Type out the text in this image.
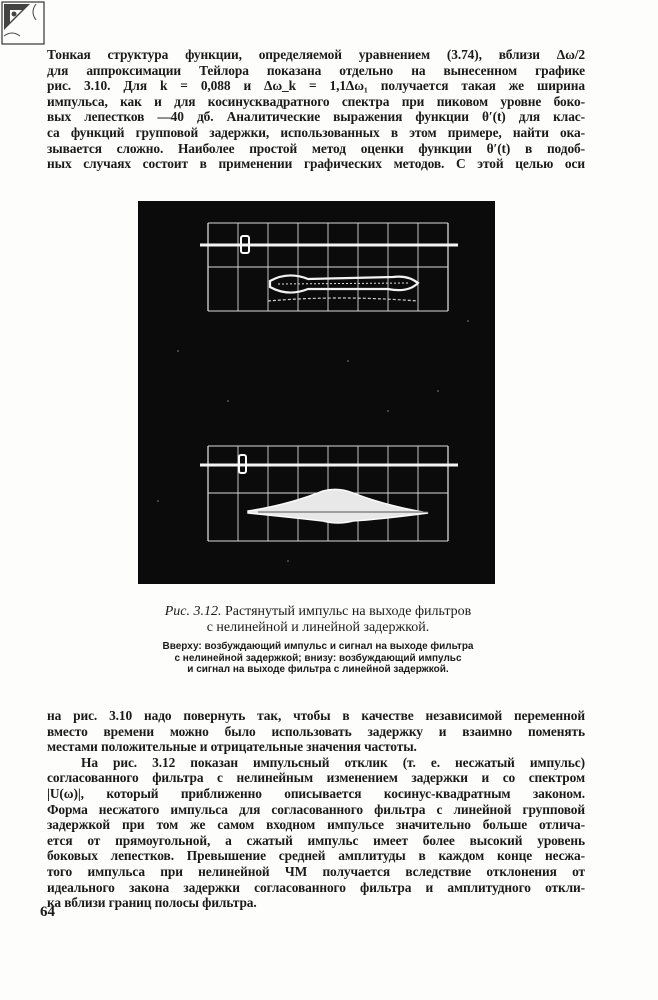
Тонкая структура функции, определяемой уравнением (3.74), вблизи Δω/2
для аппроксимации Тейлора показана отдельно на вынесенном графике
рис. 3.10. Для k = 0,088 и Δω_k = 1,1Δω₁ получается такая же ширина
импульса, как и для косинусквадратного спектра при пиковом уровне боко-
вых лепестков —40 дб. Аналитические выражения функции θ′(t) для клас-
са функций групповой задержки, использованных в этом примере, найти ока-
зывается сложно. Наиболее простой метод оценки функции θ′(t) в подоб-
ных случаях состоит в применении графических методов. С этой целью оси
Рис. 3.12. Растянутый импульс на выходе фильтров
с нелинейной и линейной задержкой.
Вверху: возбуждающий импульс и сигнал на выходе фильтра
с нелинейной задержкой; внизу: возбуждающий импульс
и сигнал на выходе фильтра с линейной задержкой.
на рис. 3.10 надо повернуть так, чтобы в качестве независимой переменной
вместо времени можно было использовать задержку и взаимно поменять
местами положительные и отрицательные значения частоты.
На рис. 3.12 показан импульсный отклик (т. е. несжатый импульс)
согласованного фильтра с нелинейным изменением задержки и со спектром
|U(ω)|, который приближенно описывается косинус-квадратным законом.
Форма несжатого импульса для согласованного фильтра с линейной групповой
задержкой при том же самом входном импульсе значительно больше отлича-
ется от прямоугольной, а сжатый импульс имеет более высокий уровень
боковых лепестков. Превышение средней амплитуды в каждом конце несжа-
того импульса при нелинейной ЧМ получается вследствие отклонения от
идеального закона задержки согласованного фильтра и амплитудного откли-
ка вблизи границ полосы фильтра.
64
